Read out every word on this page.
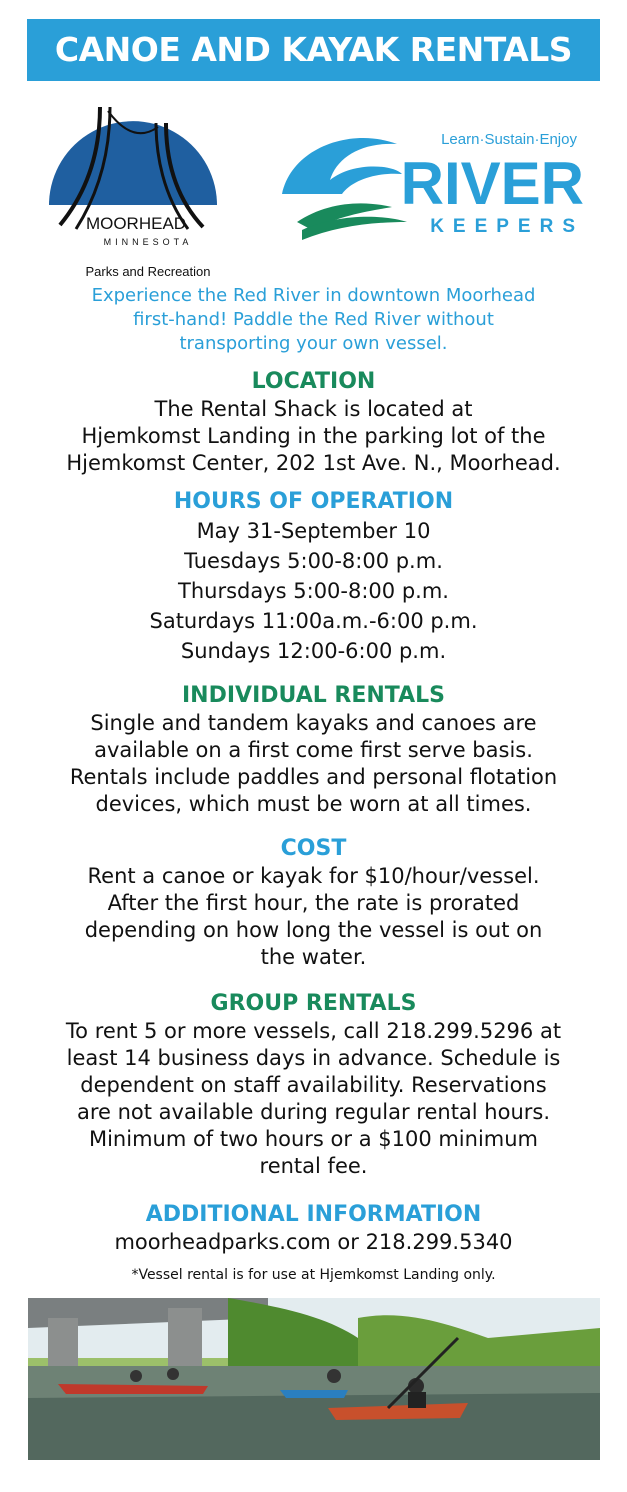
CANOE AND KAYAK RENTALS
MOORHEAD
MINNESOTA
Parks and Recreation
Learn·Sustain·Enjoy
RIVER
KEEPERS
Experience the Red River in downtown Moorhead
first-hand! Paddle the Red River without
transporting your own vessel.
LOCATION
The Rental Shack is located at
Hjemkomst Landing in the parking lot of the
Hjemkomst Center, 202 1st Ave. N., Moorhead.
HOURS OF OPERATION
May 31-September 10
Tuesdays 5:00-8:00 p.m.
Thursdays 5:00-8:00 p.m.
Saturdays 11:00a.m.-6:00 p.m.
Sundays 12:00-6:00 p.m.
INDIVIDUAL RENTALS
Single and tandem kayaks and canoes are
available on a first come first serve basis.
Rentals include paddles and personal flotation
devices, which must be worn at all times.
COST
Rent a canoe or kayak for $10/hour/vessel.
After the first hour, the rate is prorated
depending on how long the vessel is out on
the water.
GROUP RENTALS
To rent 5 or more vessels, call 218.299.5296 at
least 14 business days in advance. Schedule is
dependent on staff availability. Reservations
are not available during regular rental hours.
Minimum of two hours or a $100 minimum
rental fee.
ADDITIONAL INFORMATION
moorheadparks.com or 218.299.5340
*Vessel rental is for use at Hjemkomst Landing only.
